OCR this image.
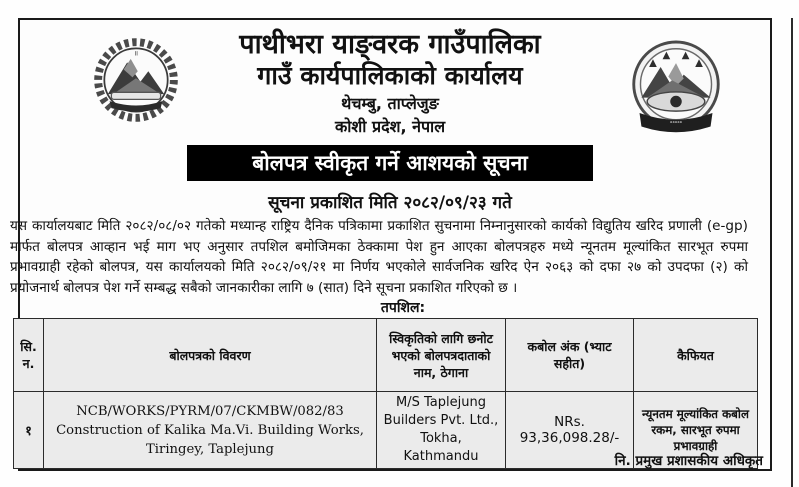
॥
॰॰॰॰॰
पाथीभरा याङ्वरक गाउँपालिका
गाउँ कार्यपालिकाको कार्यालय
थेचम्बु, ताप्लेजुङ
कोशी प्रदेश, नेपाल
बोलपत्र स्वीकृत गर्ने आशयको सूचना
सूचना प्रकाशित मिति २०८२/०९/२३ गते
यस कार्यालयबाट मिति २०८२/०८/०२ गतेको मध्यान्ह राष्ट्रिय दैनिक पत्रिकामा प्रकाशित सुचनामा निम्नानुसारको कार्यको विद्युतिय खरिद प्रणाली (e-gp) मार्फत बोलपत्र आव्हान भई माग भए अनुसार तपशिल बमोजिमका ठेक्कामा पेश हुन आएका बोलपत्रहरु मध्ये न्यूनतम मूल्यांकित सारभूत रुपमा प्रभावग्राही रहेको बोलपत्र, यस कार्यालयको मिति २०८२/०९/२१ मा निर्णय भएकोले सार्वजनिक खरिद ऐन २०६३ को दफा २७ को उपदफा (२) को प्रयोजनार्थ बोलपत्र पेश गर्ने सम्बद्ध सबैको जानकारीका लागि ७ (सात) दिने सूचना प्रकाशित गरिएको छ ।
तपशिल:
सि. न.	बोलपत्रको विवरण	स्विकृतिको लागि छनोट भएको बोलपत्रदाताको नाम, ठेगाना	कबोल अंक (भ्याट सहीत)	कैफियत
१	NCB/WORKS/PYRM/07/CKMBW/082/83 Construction of Kalika Ma.Vi. Building Works, Tiringey, Taplejung	M/S Taplejung Builders Pvt. Ltd., Tokha, Kathmandu	NRs. 93,36,098.28/-	न्यूनतम मूल्यांकित कबोल रकम, सारभूत रुपमा प्रभावग्राही
नि. प्रमुख प्रशासकीय अधिकृत
